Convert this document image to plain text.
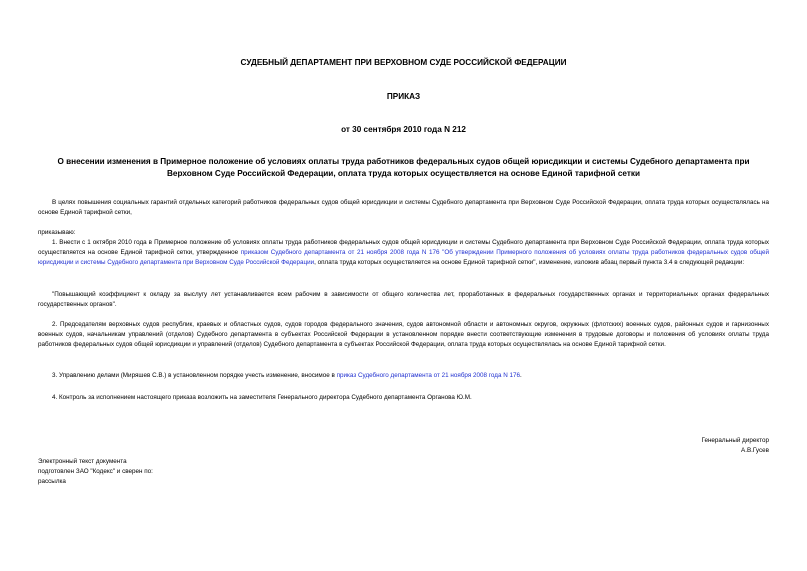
СУДЕБНЫЙ ДЕПАРТАМЕНТ ПРИ ВЕРХОВНОМ СУДЕ РОССИЙСКОЙ ФЕДЕРАЦИИ
ПРИКАЗ
от 30 сентября 2010 года N 212
О внесении изменения в Примерное положение об условиях оплаты труда работников федеральных судов общей юрисдикции и системы Судебного департамента при Верховном Суде Российской Федерации, оплата труда которых осуществляется на основе Единой тарифной сетки

В целях повышения социальных гарантий отдельных категорий работников федеральных судов общей юрисдикции и системы Судебного департамента при Верховном Суде Российской Федерации, оплата труда которых осуществлялась на основе Единой тарифной сетки,

приказываю:

1. Внести с 1 октября 2010 года в Примерное положение об условиях оплаты труда работников федеральных судов общей юрисдикции и системы Судебного департамента при Верховном Суде Российской Федерации, оплата труда которых осуществляется на основе Единой тарифной сетки, утвержденное приказом Судебного департамента от 21 ноября 2008 года N 176 "Об утверждении Примерного положения об условиях оплаты труда работников федеральных судов общей юрисдикции и системы Судебного департамента при Верховном Суде Российской Федерации, оплата труда которых осуществляется на основе Единой тарифной сетки", изменение, изложив абзац первый пункта 3.4 в следующей редакции:

"Повышающий коэффициент к окладу за выслугу лет устанавливается всем рабочим в зависимости от общего количества лет, проработанных в федеральных государственных органах и территориальных органах федеральных государственных органов".

2. Председателям верховных судов республик, краевых и областных судов, судов городов федерального значения, судов автономной области и автономных округов, окружных (флотских) военных судов, районных судов и гарнизонных военных судов, начальникам управлений (отделов) Судебного департамента в субъектах Российской Федерации в установленном порядке внести соответствующие изменения в трудовые договоры и положения об условиях оплаты труда работников федеральных судов общей юрисдикции и управлений (отделов) Судебного департамента в субъектах Российской Федерации, оплата труда которых осуществлялась на основе Единой тарифной сетки.

3. Управлению делами (Миряшев С.В.) в установленном порядке учесть изменение, вносимое в приказ Судебного департамента от 21 ноября 2008 года N 176.

4. Контроль за исполнением настоящего приказа возложить на заместителя Генерального директора Судебного департамента Органова Ю.М.

Генеральный директор
А.В.Гусев
Электронный текст документа
подготовлен ЗАО "Кодекс" и сверен по:
рассылка
